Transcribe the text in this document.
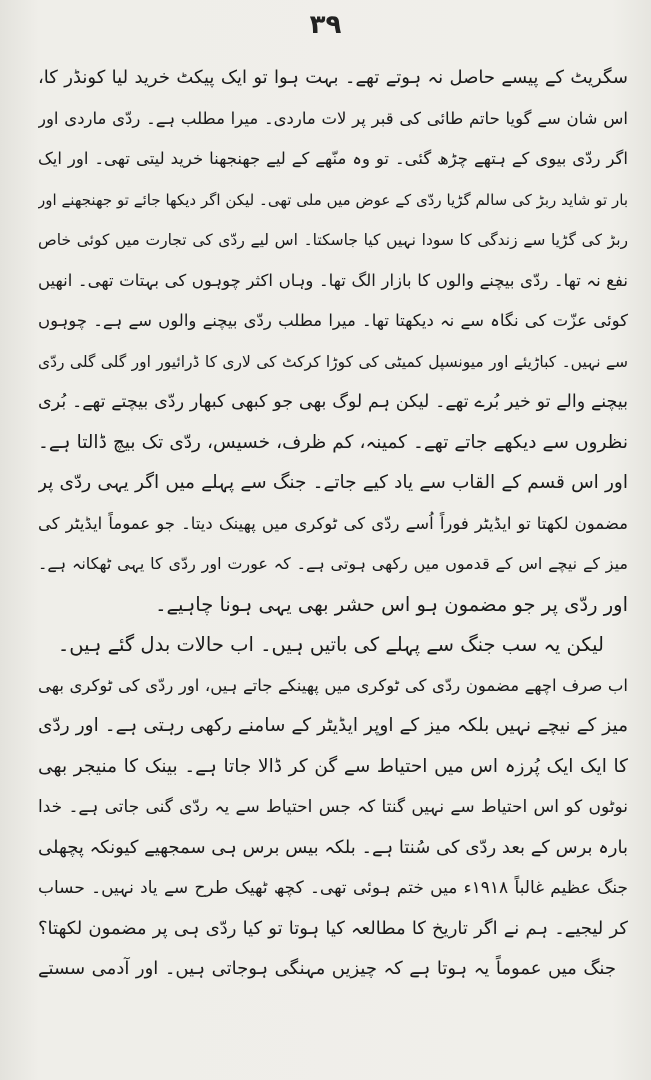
۳۹
سگریٹ کے پیسے حاصل نہ ہوتے تھے۔ بہت ہوا تو ایک پیکٹ خرید لیا کونڈر کا،
اس شان سے گویا حاتم طائی کی قبر پر لات ماردی۔ میرا مطلب ہے۔ ردّی ماردی اور
اگر ردّی بیوی کے ہتھے چڑھ گئی۔ تو وہ منّھے کے لیے جھنجھنا خرید لیتی تھی۔ اور ایک
بار تو شاید ربڑ کی سالم گڑیا ردّی کے عوض میں ملی تھی۔ لیکن اگر دیکھا جائے تو جھنجھنے اور
ربڑ کی گڑیا سے زندگی کا سودا نہیں کیا جاسکتا۔ اس لیے ردّی کی تجارت میں کوئی خاص
نفع نہ تھا۔ ردّی بیچنے والوں کا بازار الگ تھا۔ وہاں اکثر چوہوں کی بہتات تھی۔ انھیں
کوئی عزّت کی نگاہ سے نہ دیکھتا تھا۔ میرا مطلب ردّی بیچنے والوں سے ہے۔ چوہوں
سے نہیں۔ کباڑیئے اور میونسپل کمیٹی کی کوڑا کرکٹ کی لاری کا ڈرائیور اور گلی گلی ردّی
بیچنے والے تو خیر بُرے تھے۔ لیکن ہم لوگ بھی جو کبھی کبھار ردّی بیچتے تھے۔ بُری
نظروں سے دیکھے جاتے تھے۔ کمینہ، کم ظرف، خسیس، ردّی تک بیچ ڈالتا ہے۔
اور اس قسم کے القاب سے یاد کیے جاتے۔ جنگ سے پہلے میں اگر یہی ردّی پر
مضمون لکھتا تو ایڈیٹر فوراً اُسے ردّی کی ٹوکری میں پھینک دیتا۔ جو عموماً ایڈیٹر کی
میز کے نیچے اس کے قدموں میں رکھی ہوتی ہے۔ کہ عورت اور ردّی کا یہی ٹھکانہ ہے۔
اور ردّی پر جو مضمون ہو اس حشر بھی یہی ہونا چاہیے۔
لیکن یہ سب جنگ سے پہلے کی باتیں ہیں۔ اب حالات بدل گئے ہیں۔
اب صرف اچھے مضمون ردّی کی ٹوکری میں پھینکے جاتے ہیں، اور ردّی کی ٹوکری بھی
میز کے نیچے نہیں بلکہ میز کے اوپر ایڈیٹر کے سامنے رکھی رہتی ہے۔ اور ردّی
کا ایک ایک پُرزہ اس میں احتیاط سے گن کر ڈالا جاتا ہے۔ بینک کا منیجر بھی
نوٹوں کو اس احتیاط سے نہیں گنتا کہ جس احتیاط سے یہ ردّی گنی جاتی ہے۔ خدا
بارہ برس کے بعد ردّی کی سُنتا ہے۔ بلکہ بیس برس ہی سمجھیے کیونکہ پچھلی
جنگ عظیم غالباً ۱۹۱۸ء میں ختم ہوئی تھی۔ کچھ ٹھیک طرح سے یاد نہیں۔ حساب
کر لیجیے۔ ہم نے اگر تاریخ کا مطالعہ کیا ہوتا تو کیا ردّی ہی پر مضمون لکھتا؟
جنگ میں عموماً یہ ہوتا ہے کہ چیزیں مہنگی ہوجاتی ہیں۔ اور آدمی سستے
